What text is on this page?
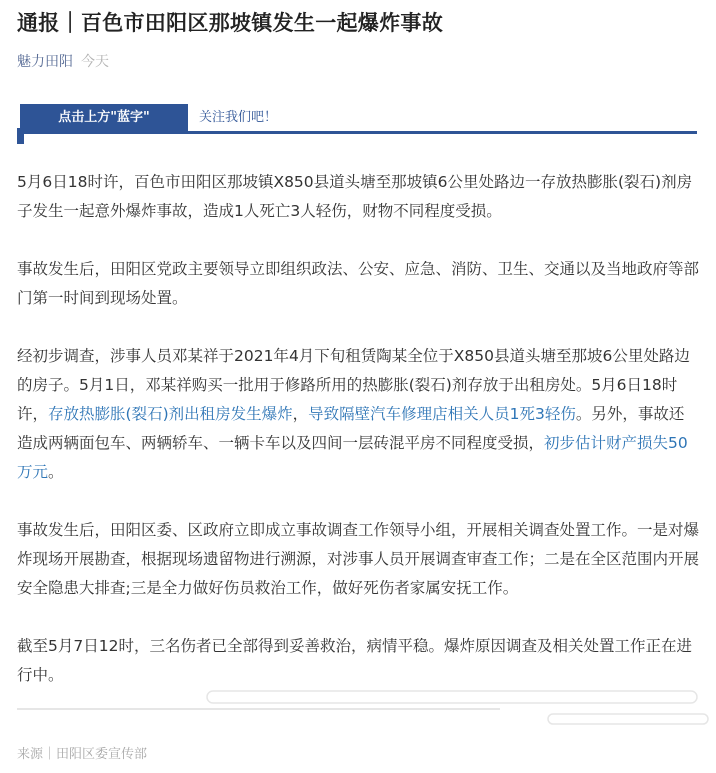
通报｜百色市田阳区那坡镇发生一起爆炸事故
魅力田阳 今天
点击上方"蓝字"	关注我们吧！

5月6日18时许，百色市田阳区那坡镇X850县道头塘至那坡镇6公里处路边一存放热膨胀(裂石)剂房子发生一起意外爆炸事故，造成1人死亡3人轻伤，财物不同程度受损。

事故发生后，田阳区党政主要领导立即组织政法、公安、应急、消防、卫生、交通以及当地政府等部门第一时间到现场处置。

经初步调查，涉事人员邓某祥于2021年4月下旬租赁陶某全位于X850县道头塘至那坡6公里处路边的房子。5月1日，邓某祥购买一批用于修路所用的热膨胀(裂石)剂存放于出租房处。5月6日18时许，存放热膨胀(裂石)剂出租房发生爆炸，导致隔壁汽车修理店相关人员1死3轻伤。另外，事故还造成两辆面包车、两辆轿车、一辆卡车以及四间一层砖混平房不同程度受损，初步估计财产损失50万元。

事故发生后，田阳区委、区政府立即成立事故调查工作领导小组，开展相关调查处置工作。一是对爆炸现场开展勘查，根据现场遗留物进行溯源，对涉事人员开展调查审查工作；二是在全区范围内开展安全隐患大排查;三是全力做好伤员救治工作，做好死伤者家属安抚工作。

截至5月7日12时，三名伤者已全部得到妥善救治，病情平稳。爆炸原因调查及相关处置工作正在进行中。

来源｜田阳区委宣传部
